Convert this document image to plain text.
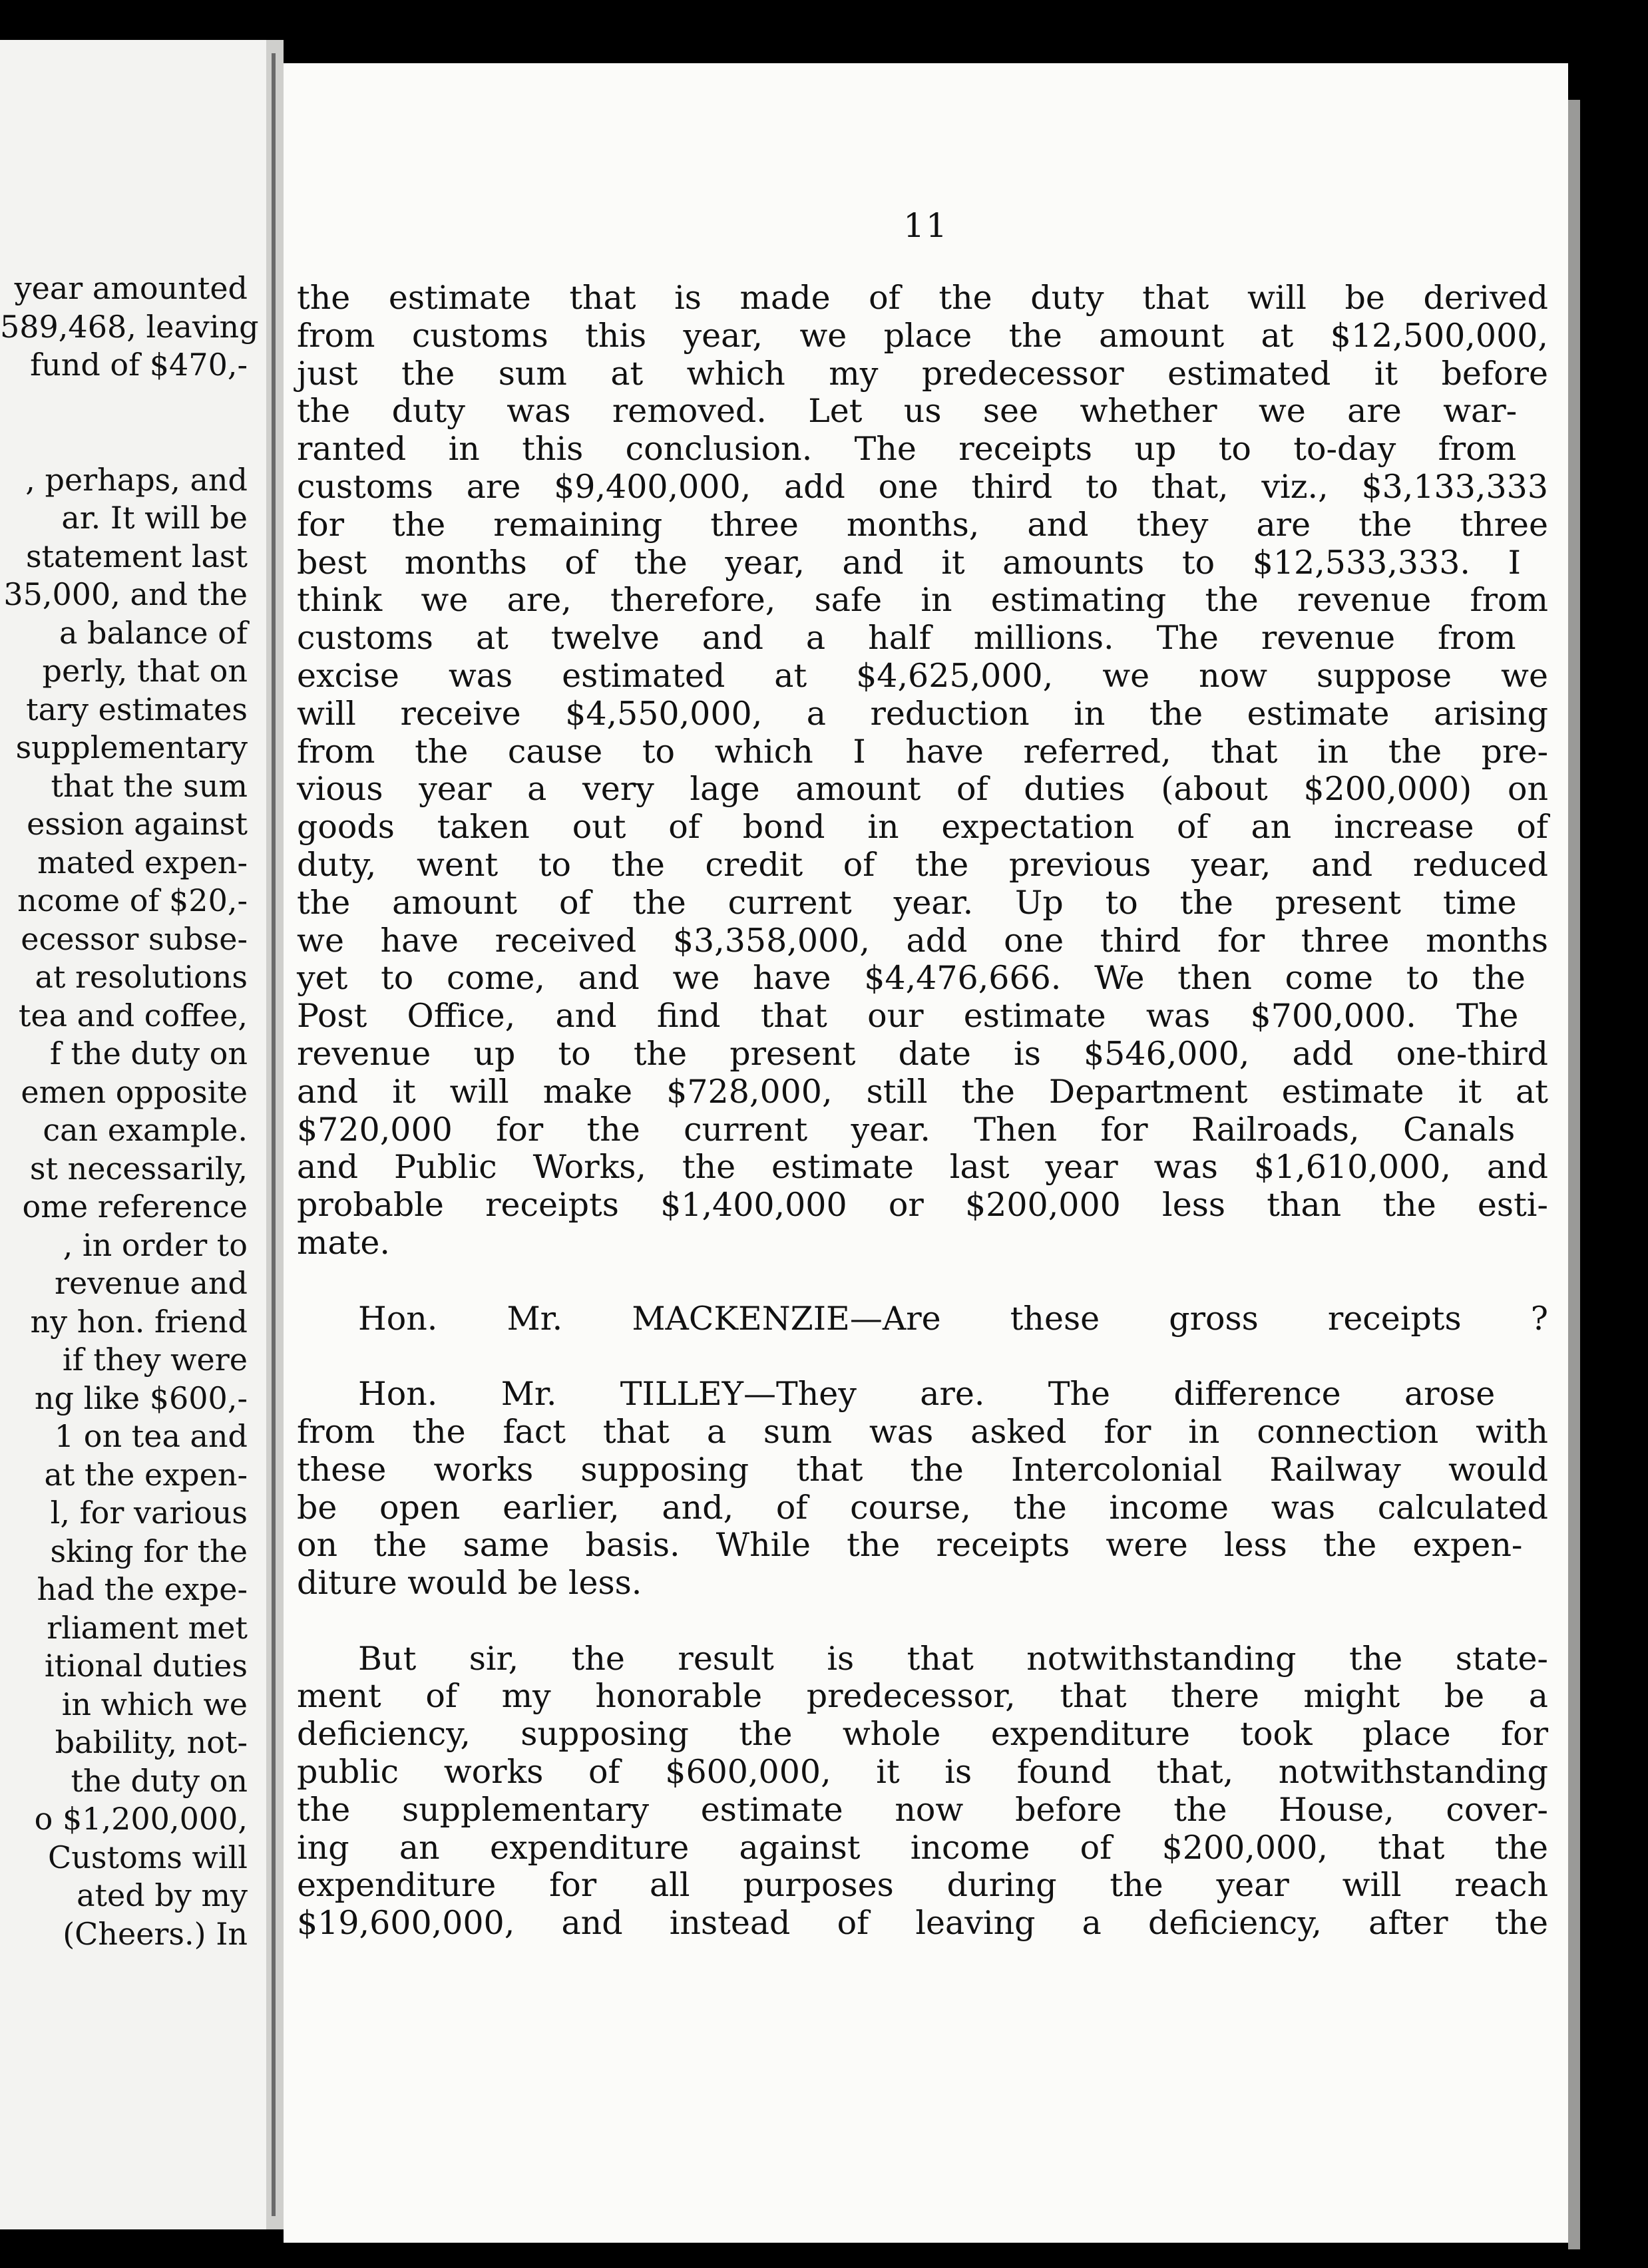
year amounted
589,468, leaving
fund of $470,-
, perhaps, and
ar. It will be
statement last
35,000, and the
a balance of
perly, that on
tary estimates
supplementary
that the sum
ession against
mated expen-
ncome of $20,-
ecessor subse-
at resolutions
tea and coffee,
f the duty on
emen opposite
can example.
st necessarily,
ome reference
, in order to
revenue and
ny hon. friend
if they were
ng like $600,-
1 on tea and
at the expen-
l, for various
sking for the
had the expe-
rliament met
itional duties
in which we
bability, not-
the duty on
o $1,200,000,
Customs will
ated by my
(Cheers.) In
11
the estimate that is made of the duty that will be derived
from customs this year, we place the amount at $12,500,000,
just the sum at which my predecessor estimated it before
the duty was removed. Let us see whether we are war-
ranted in this conclusion. The receipts up to to-day from
customs are $9,400,000, add one third to that, viz., $3,133,333
for the remaining three months, and they are the three
best months of the year, and it amounts to $12,533,333. I
think we are, therefore, safe in estimating the revenue from
customs at twelve and a half millions. The revenue from
excise was estimated at $4,625,000, we now suppose we
will receive $4,550,000, a reduction in the estimate arising
from the cause to which I have referred, that in the pre-
vious year a very lage amount of duties (about $200,000) on
goods taken out of bond in expectation of an increase of
duty, went to the credit of the previous year, and reduced
the amount of the current year. Up to the present time
we have received $3,358,000, add one third for three months
yet to come, and we have $4,476,666. We then come to the
Post Office, and find that our estimate was $700,000. The
revenue up to the present date is $546,000, add one-third
and it will make $728,000, still the Department estimate it at
$720,000 for the current year. Then for Railroads, Canals
and Public Works, the estimate last year was $1,610,000, and
probable receipts $1,400,000 or $200,000 less than the esti-
mate.
Hon. Mr. MACKENZIE—Are these gross receipts ?
Hon. Mr. TILLEY—They are. The difference arose
from the fact that a sum was asked for in connection with
these works supposing that the Intercolonial Railway would
be open earlier, and, of course, the income was calculated
on the same basis. While the receipts were less the expen-
diture would be less.
But sir, the result is that notwithstanding the state-
ment of my honorable predecessor, that there might be a
deficiency, supposing the whole expenditure took place for
public works of $600,000, it is found that, notwithstanding
the supplementary estimate now before the House, cover-
ing an expenditure against income of $200,000, that the
expenditure for all purposes during the year will reach
$19,600,000, and instead of leaving a deficiency, after the
